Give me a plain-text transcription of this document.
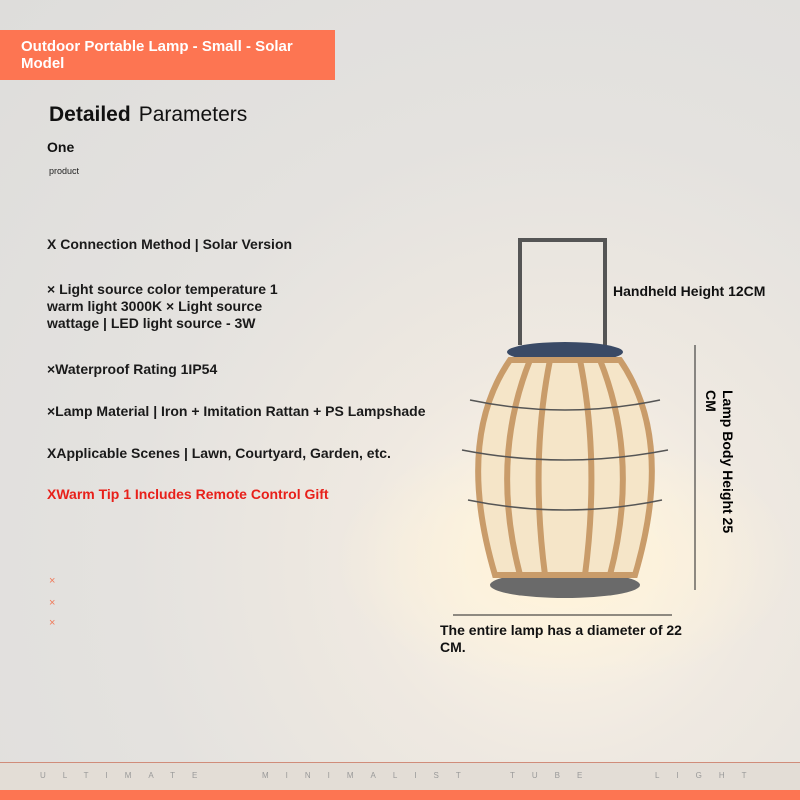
Outdoor Portable Lamp - Small - Solar Model
Detailed Parameters
One
product
X Connection Method | Solar Version
× Light source color temperature 1 warm light 3000K × Light source wattage | LED light source - 3W
×Waterproof Rating 1IP54
×Lamp Material | Iron + Imitation Rattan + PS Lampshade
XApplicable Scenes | Lawn, Courtyard, Garden, etc.
XWarm Tip 1 Includes Remote Control Gift
×
×
×
Handheld Height 12CM
Lamp Body Height 25 CM
The entire lamp has a diameter of 22 CM.
ULTIMATE	MINIMALIST	TUBE	LIGHT
